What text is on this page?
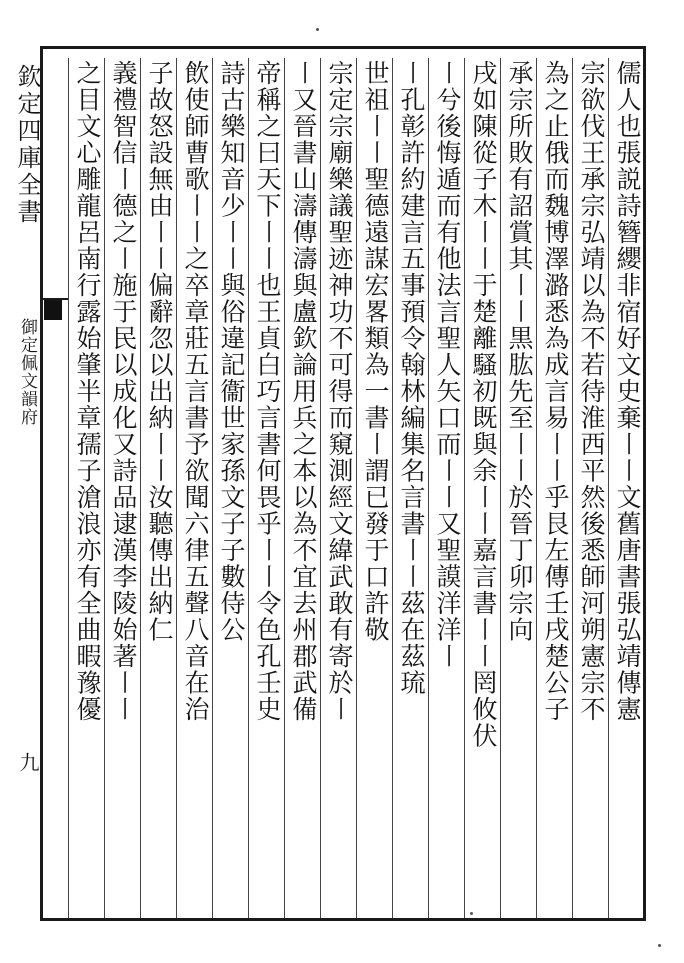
欽定四庫全書
御定佩文韻府
九
儒人也張説詩簪纓非宿好文史棄〡〡文舊唐書張弘靖傳憲
宗欲伐王承宗弘靖以為不若待淮西平然後悉師河朔憲宗不
為之止俄而魏博澤潞悉為成言易〡〡乎艮左傳壬戌楚公子
承宗所敗有詔賞其〡〡黒肱先至〡〡於晉丁卯宗向
戌如陳從子木〡〡于楚離騷初既與余〡〡嘉言書〡〡罔攸伏
〡兮後悔遁而有他法言聖人矢口而〡〡又聖謨洋洋〡
〡孔彰許約建言五事預令翰林編集名言書〡〡茲在茲琉
世祖〡〡聖德遠謀宏畧類為一書〡謂已發于口許敬
宗定宗廟樂議聖迹神功不可得而窺測經文緯武敢有寄於〡
〡又晉書山濤傳濤與盧欽論用兵之本以為不宜去州郡武備
帝稱之曰天下〡〡也王貞白巧言書何畏乎〡〡令色孔壬史
詩古樂知音少〡〡與俗違記衞世家孫文子子數侍公
飲使師曹歌〡〡之卒章莊五言書予欲聞六律五聲八音在治
子故怒設無由〡〡偏辭忽以出納〡〡汝聽傳出納仁
義禮智信〡德之〡施于民以成化又詩品逮漢李陵始著〡〡
之目文心雕龍呂南行露始肇半章孺子滄浪亦有全曲暇豫優
